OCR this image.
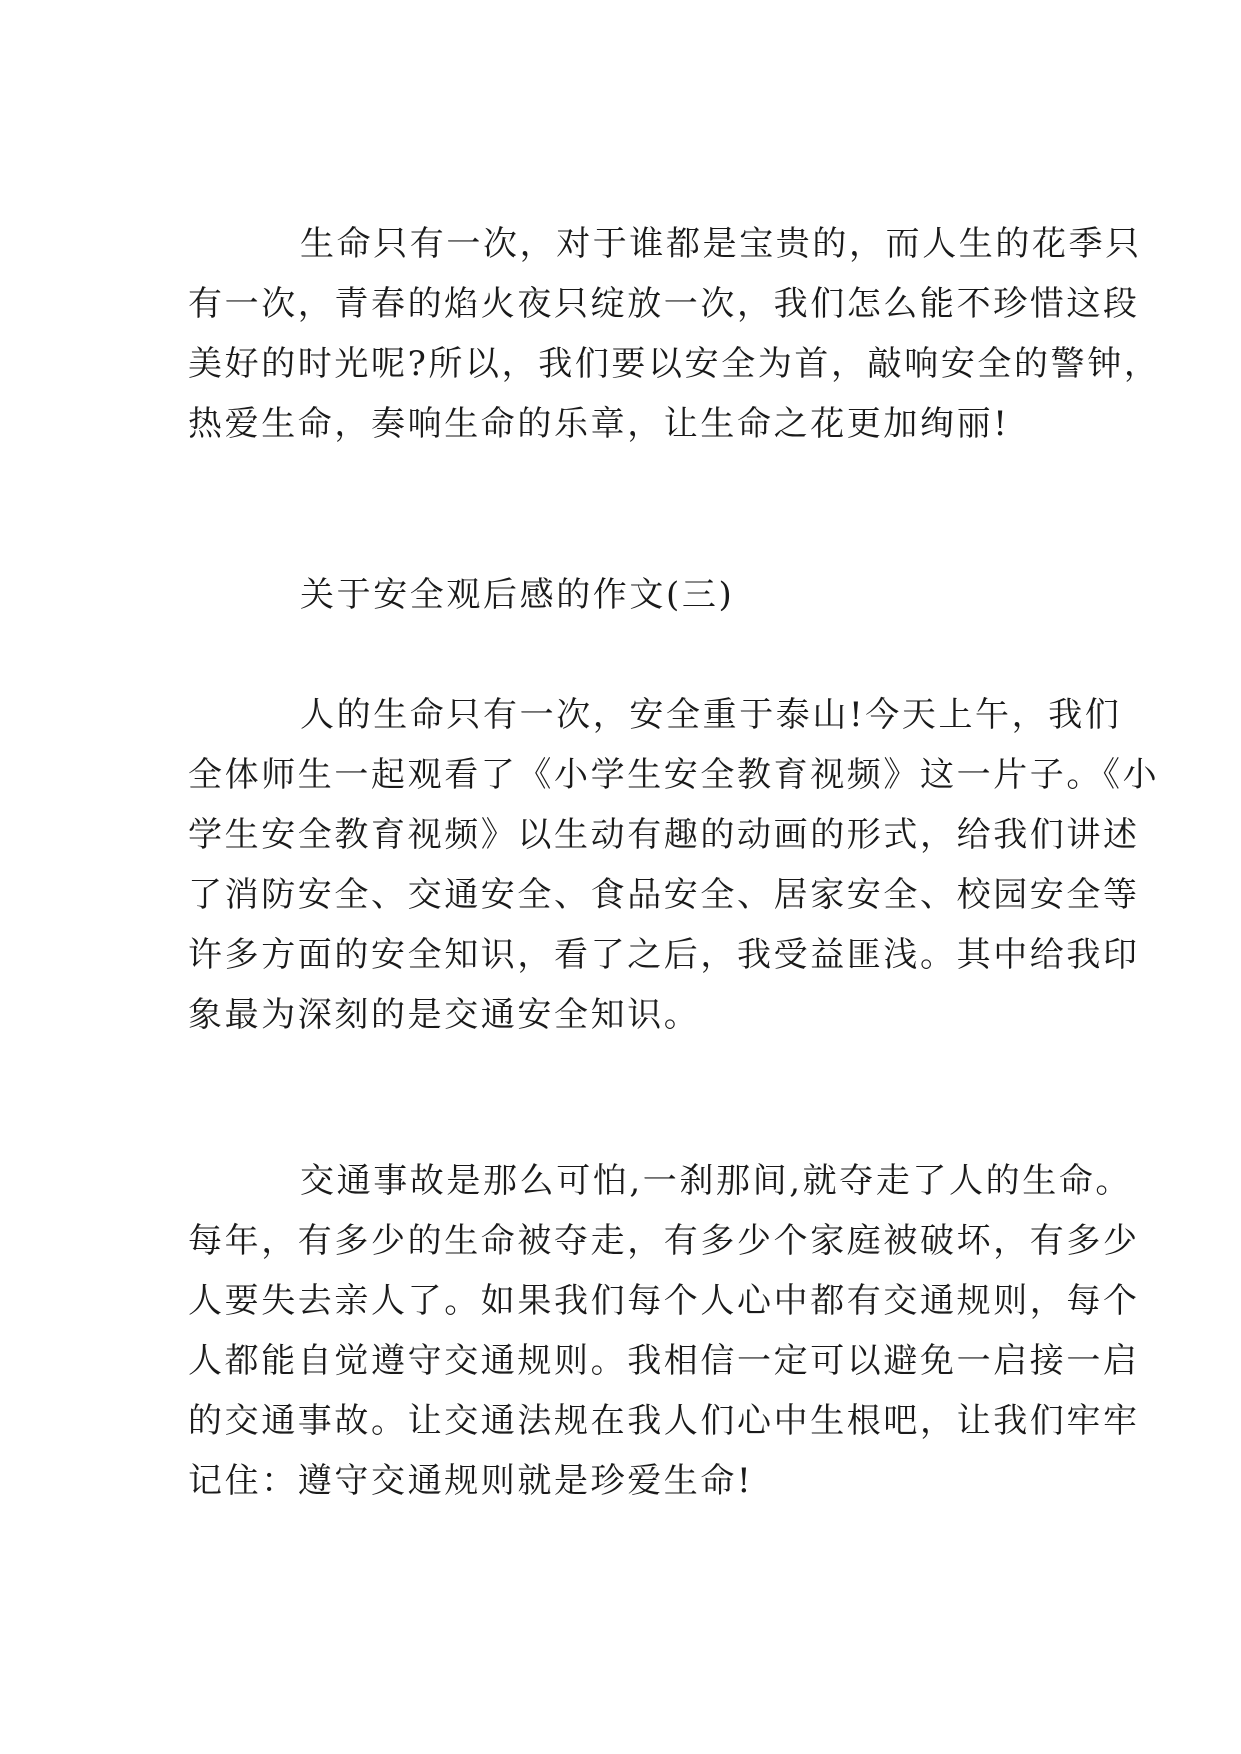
生命只有一次，对于谁都是宝贵的，而人生的花季只
有一次，青春的焰火夜只绽放一次，我们怎么能不珍惜这段
美好的时光呢?所以，我们要以安全为首，敲响安全的警钟，
热爱生命，奏响生命的乐章，让生命之花更加绚丽!
关于安全观后感的作文(三)
人的生命只有一次，安全重于泰山!今天上午，我们
全体师生一起观看了《小学生安全教育视频》这一片子。《小
学生安全教育视频》以生动有趣的动画的形式，给我们讲述
了消防安全、交通安全、食品安全、居家安全、校园安全等
许多方面的安全知识，看了之后，我受益匪浅。其中给我印
象最为深刻的是交通安全知识。
交通事故是那么可怕,一刹那间,就夺走了人的生命。
每年，有多少的生命被夺走，有多少个家庭被破坏，有多少
人要失去亲人了。如果我们每个人心中都有交通规则，每个
人都能自觉遵守交通规则。我相信一定可以避免一启接一启
的交通事故。让交通法规在我人们心中生根吧，让我们牢牢
记住：遵守交通规则就是珍爱生命!
